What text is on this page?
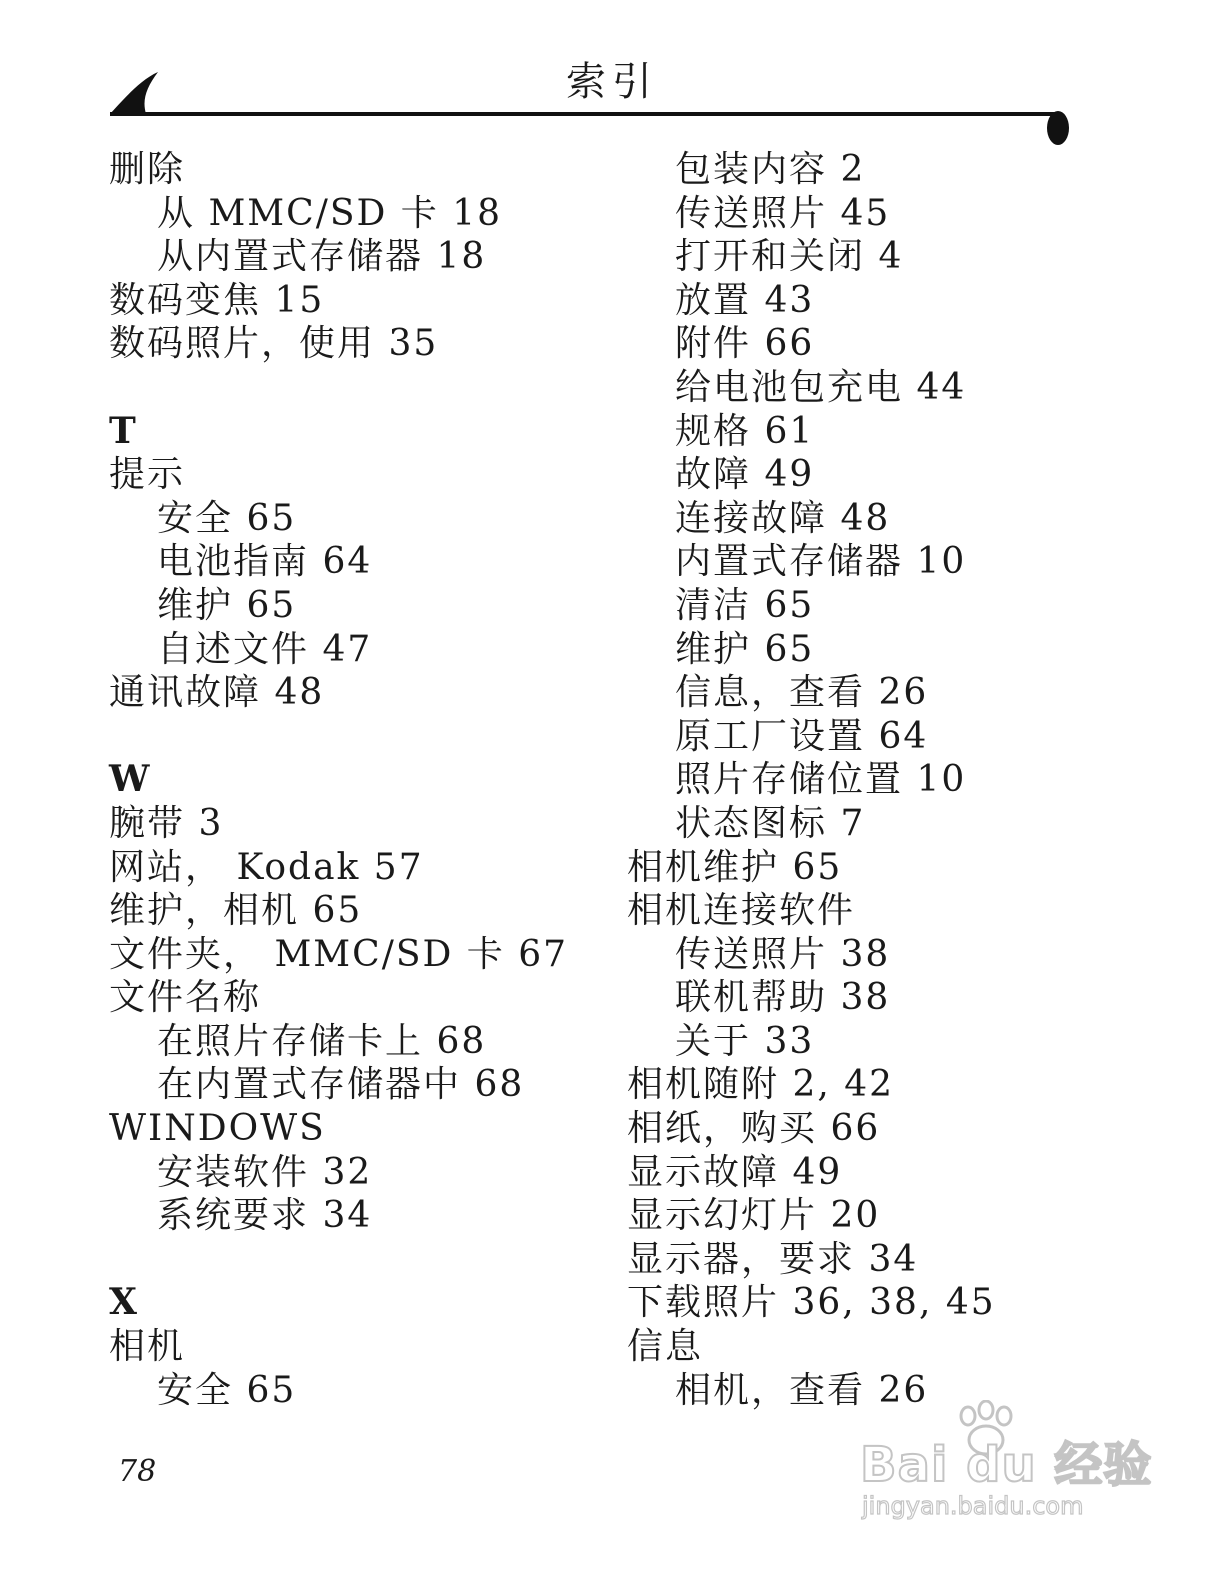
索引
删除
从 MMC/SD 卡 18
从内置式存储器 18
数码变焦 15
数码照片，使用 35
T
提示
安全 65
电池指南 64
维护 65
自述文件 47
通讯故障 48
W
腕带 3
网站， Kodak 57
维护，相机 65
文件夹， MMC/SD 卡 67
文件名称
在照片存储卡上 68
在内置式存储器中 68
WINDOWS
安装软件 32
系统要求 34
X
相机
安全 65
包装内容 2
传送照片 45
打开和关闭 4
放置 43
附件 66
给电池包充电 44
规格 61
故障 49
连接故障 48
内置式存储器 10
清洁 65
维护 65
信息，查看 26
原工厂设置 64
照片存储位置 10
状态图标 7
相机维护 65
相机连接软件
传送照片 38
联机帮助 38
关于 33
相机随附 2, 42
相纸，购买 66
显示故障 49
显示幻灯片 20
显示器，要求 34
下载照片 36, 38, 45
信息
相机，查看 26
78	Bai du 经验
jingyan.baidu.com
